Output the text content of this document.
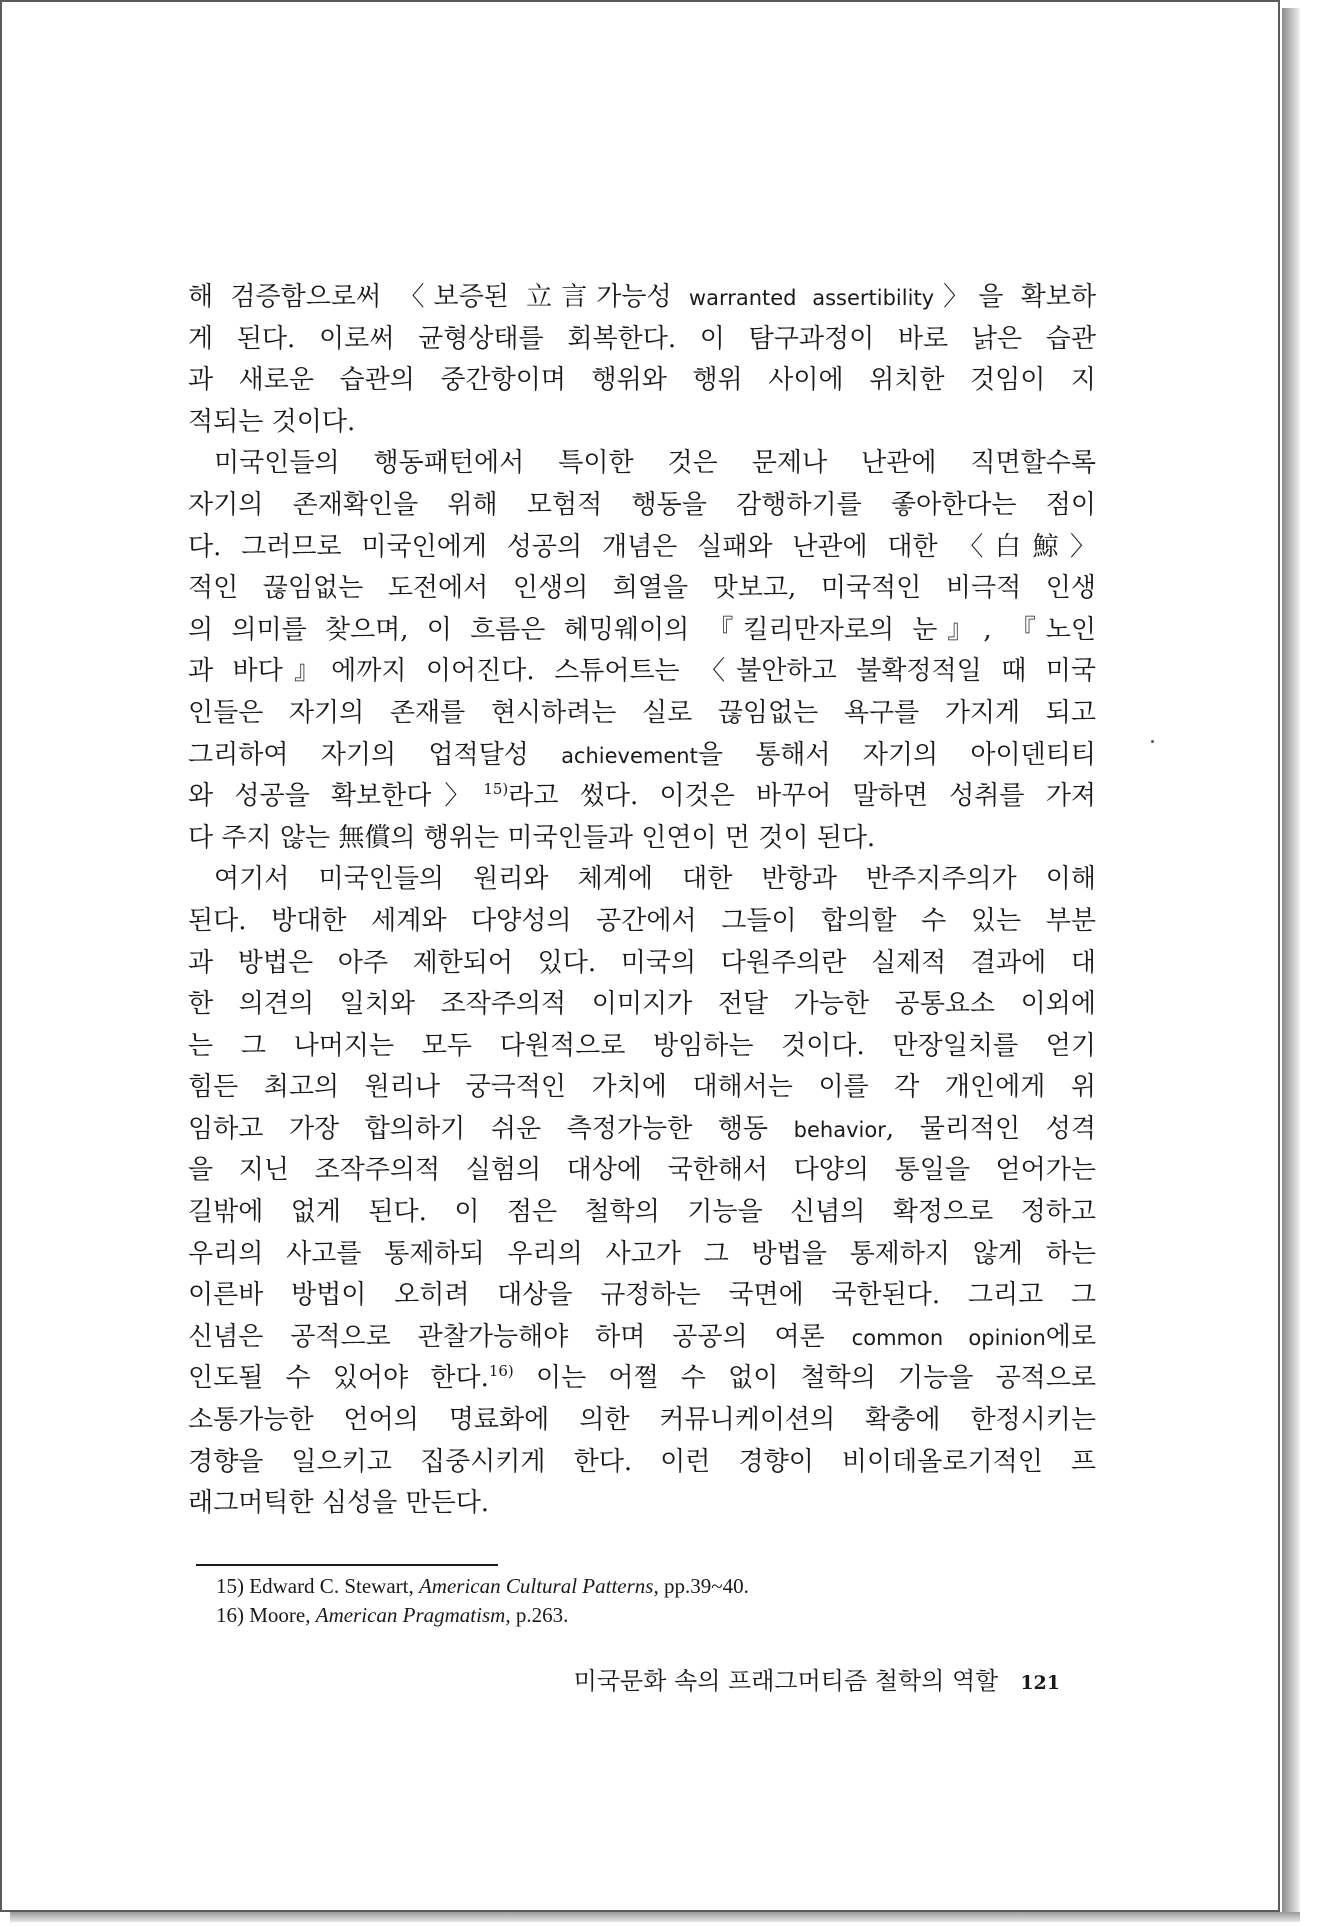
해 검증함으로써 〈보증된 立言가능성 warranted assertibility〉을 확보하
게 된다. 이로써 균형상태를 회복한다. 이 탐구과정이 바로 낡은 습관
과 새로운 습관의 중간항이며 행위와 행위 사이에 위치한 것임이 지
적되는 것이다.
미국인들의 행동패턴에서 특이한 것은 문제나 난관에 직면할수록
자기의 존재확인을 위해 모험적 행동을 감행하기를 좋아한다는 점이
다. 그러므로 미국인에게 성공의 개념은 실패와 난관에 대한 〈白鯨〉
적인 끊임없는 도전에서 인생의 희열을 맛보고, 미국적인 비극적 인생
의 의미를 찾으며, 이 흐름은 헤밍웨이의 『킬리만자로의 눈』, 『노인
과 바다』에까지 이어진다. 스튜어트는 〈불안하고 불확정적일 때 미국
인들은 자기의 존재를 현시하려는 실로 끊임없는 욕구를 가지게 되고
그리하여 자기의 업적달성 achievement을 통해서 자기의 아이덴티티
와 성공을 확보한다〉$^{15)}$라고 썼다. 이것은 바꾸어 말하면 성취를 가져
다 주지 않는 無償의 행위는 미국인들과 인연이 먼 것이 된다.
여기서 미국인들의 원리와 체계에 대한 반항과 반주지주의가 이해
된다. 방대한 세계와 다양성의 공간에서 그들이 합의할 수 있는 부분
과 방법은 아주 제한되어 있다. 미국의 다원주의란 실제적 결과에 대
한 의견의 일치와 조작주의적 이미지가 전달 가능한 공통요소 이외에
는 그 나머지는 모두 다원적으로 방임하는 것이다. 만장일치를 얻기
힘든 최고의 원리나 궁극적인 가치에 대해서는 이를 각 개인에게 위
임하고 가장 합의하기 쉬운 측정가능한 행동 behavior, 물리적인 성격
을 지닌 조작주의적 실험의 대상에 국한해서 다양의 통일을 얻어가는
길밖에 없게 된다. 이 점은 철학의 기능을 신념의 확정으로 정하고
우리의 사고를 통제하되 우리의 사고가 그 방법을 통제하지 않게 하는
이른바 방법이 오히려 대상을 규정하는 국면에 국한된다. 그리고 그
신념은 공적으로 관찰가능해야 하며 공공의 여론 common opinion에로
인도될 수 있어야 한다.$^{16)}$ 이는 어쩔 수 없이 철학의 기능을 공적으로
소통가능한 언어의 명료화에 의한 커뮤니케이션의 확충에 한정시키는
경향을 일으키고 집중시키게 한다. 이런 경향이 비이데올로기적인 프
래그머틱한 심성을 만든다.
15) Edward C. Stewart, American Cultural Patterns, pp.39~40.
16) Moore, American Pragmatism, p.263.
미국문화 속의 프래그머티즘 철학의 역할 121
